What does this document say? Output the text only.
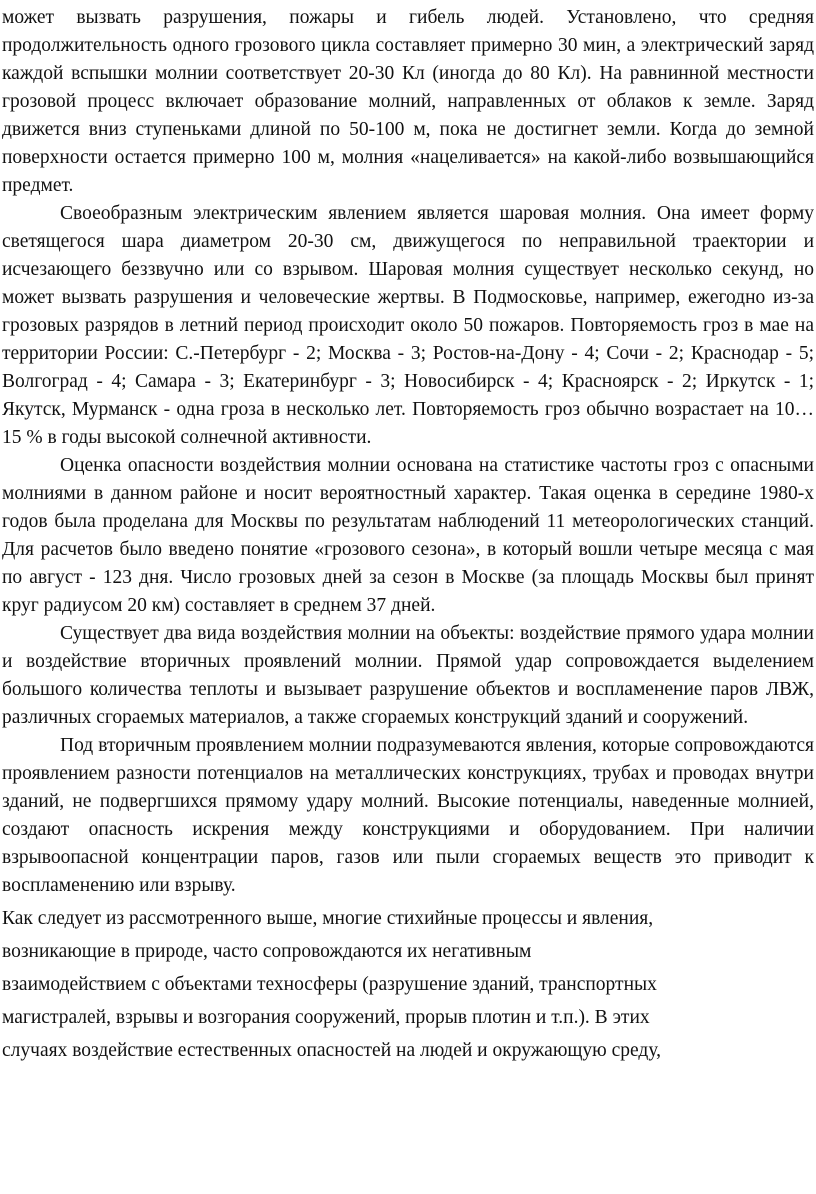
может вызвать разрушения, пожары и гибель людей. Установлено, что средняя продолжительность одного грозового цикла составляет примерно 30 мин, а электрический заряд каждой вспышки молнии соответствует 20-30 Кл (иногда до 80 Кл). На равнинной местности грозовой процесс включает образование молний, направленных от облаков к земле. Заряд движется вниз ступеньками длиной по 50-100 м, пока не достигнет земли. Когда до земной поверхности остается примерно 100 м, молния «нацеливается» на какой-либо возвышающийся предмет.

Своеобразным электрическим явлением является шаровая молния. Она имеет форму светящегося шара диаметром 20-30 см, движущегося по неправильной траектории и исчезающего беззвучно или со взрывом. Шаровая молния существует несколько секунд, но может вызвать разрушения и человеческие жертвы. В Подмосковье, например, ежегодно из-за грозовых разрядов в летний период происходит около 50 пожаров. Повторяемость гроз в мае на территории России: С.-Петербург - 2; Москва - 3; Ростов-на-Дону - 4; Сочи - 2; Краснодар - 5; Волгоград - 4; Самара - 3; Екатеринбург - 3; Новосибирск - 4; Красноярск - 2; Иркутск - 1; Якутск, Мурманск - одна гроза в несколько лет. Повторяемость гроз обычно возрастает на 10…15 % в годы высокой солнечной активности.

Оценка опасности воздействия молнии основана на статистике частоты гроз с опасными молниями в данном районе и носит вероятностный характер. Такая оценка в середине 1980-х годов была проделана для Москвы по результатам наблюдений 11 метеорологических станций. Для расчетов было введено понятие «грозового сезона», в который вошли четыре месяца с мая по август - 123 дня. Число грозовых дней за сезон в Москве (за площадь Москвы был принят круг радиусом 20 км) составляет в среднем 37 дней.

Существует два вида воздействия молнии на объекты: воздействие прямого удара молнии и воздействие вторичных проявлений молнии. Прямой удар сопровождается выделением большого количества теплоты и вызывает разрушение объектов и воспламенение паров ЛВЖ, различных сгораемых материалов, а также сгораемых конструкций зданий и сооружений.

Под вторичным проявлением молнии подразумеваются явления, которые сопровождаются проявлением разности потенциалов на металлических конструкциях, трубах и проводах внутри зданий, не подвергшихся прямому удару молний. Высокие потенциалы, наведенные молнией, создают опасность искрения между конструкциями и оборудованием. При наличии взрывоопасной концентрации паров, газов или пыли сгораемых веществ это приводит к воспламенению или взрыву.

Как следует из рассмотренного выше, многие стихийные процессы и явления,
возникающие в природе, часто сопровождаются их негативным
взаимодействием с объектами техносферы (разрушение зданий, транспортных
магистралей, взрывы и возгорания сооружений, прорыв плотин и т.п.). В этих
случаях воздействие естественных опасностей на людей и окружающую среду,
